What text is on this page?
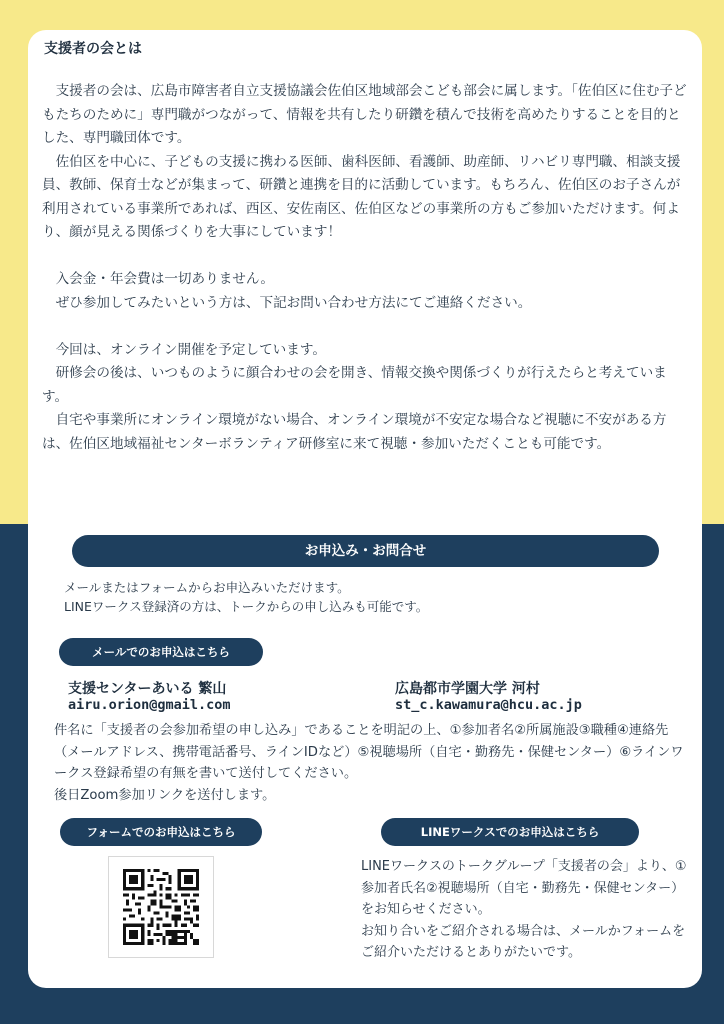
支援者の会とは

　支援者の会は、広島市障害者自立支援協議会佐伯区地域部会こども部会に属します。「佐伯区に住む子どもたちのために」専門職がつながって、情報を共有したり研鑽を積んで技術を高めたりすることを目的とした、専門職団体です。

　佐伯区を中心に、子どもの支援に携わる医師、歯科医師、看護師、助産師、リハビリ専門職、相談支援員、教師、保育士などが集まって、研鑽と連携を目的に活動しています。もちろん、佐伯区のお子さんが利用されている事業所であれば、西区、安佐南区、佐伯区などの事業所の方もご参加いただけます。何より、顔が見える関係づくりを大事にしています！

　入会金・年会費は一切ありません。

　ぜひ参加してみたいという方は、下記お問い合わせ方法にてご連絡ください。

　今回は、オンライン開催を予定しています。

　研修会の後は、いつものように顔合わせの会を開き、情報交換や関係づくりが行えたらと考えています。

　自宅や事業所にオンライン環境がない場合、オンライン環境が不安定な場合など視聴に不安がある方は、佐伯区地域福祉センターボランティア研修室に来て視聴・参加いただくことも可能です。

お申込み・お問合せ

メールまたはフォームからお申込みいただけます。

LINEワークス登録済の方は、トークからの申し込みも可能です。

メールでのお申込はこちら
支援センターあいる 繁山
airu.orion@gmail.com
広島都市学園大学 河村
st_c.kawamura@hcu.ac.jp

件名に「支援者の会参加希望の申し込み」であることを明記の上、①参加者名②所属施設③職種④連絡先（メールアドレス、携帯電話番号、ラインIDなど）⑤視聴場所（自宅・勤務先・保健センター）⑥ラインワークス登録希望の有無を書いて送付してください。

後日Zoom参加リンクを送付します。

フォームでのお申込はこちら	LINEワークスでのお申込はこちら

LINEワークスのトークグループ「支援者の会」より、①参加者氏名②視聴場所（自宅・勤務先・保健センター）をお知らせください。

お知り合いをご紹介される場合は、メールかフォームをご紹介いただけるとありがたいです。
